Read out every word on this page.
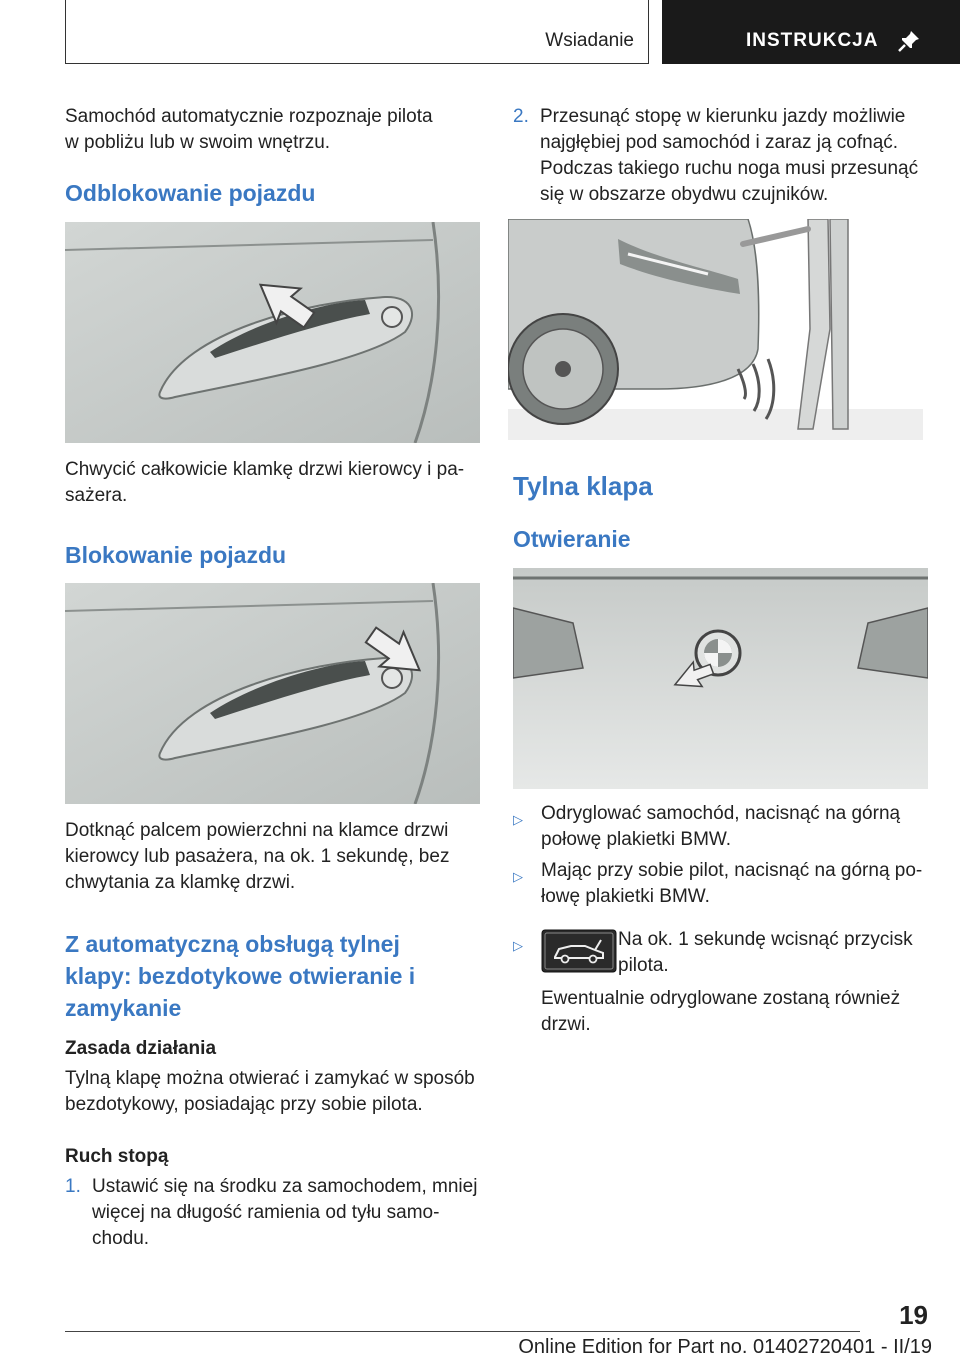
Wsiadanie	INSTRUKCJA
Samochód automatycznie rozpoznaje pilota
w pobliżu lub w swoim wnętrzu.
Odblokowanie pojazdu
Chwycić całkowicie klamkę drzwi kierowcy i pa-
sażera.
Blokowanie pojazdu
Dotknąć palcem powierzchni na klamce drzwi
kierowcy lub pasażera, na ok. 1 sekundę, bez
chwytania za klamkę drzwi.
Z automatyczną obsługą tylnej
klapy: bezdotykowe otwieranie i
zamykanie
Zasada działania
Tylną klapę można otwierać i zamykać w sposób
bezdotykowy, posiadając przy sobie pilota.
Ruch stopą
1. Ustawić się na środku za samochodem, mniej
więcej na długość ramienia od tyłu samo-
chodu.
2. Przesunąć stopę w kierunku jazdy możliwie
najgłębiej pod samochód i zaraz ją cofnąć.
Podczas takiego ruchu noga musi przesunąć
się w obszarze obydwu czujników.
Tylna klapa
Otwieranie
▷ Odryglować samochód, nacisnąć na górną
połowę plakietki BMW.
▷ Mając przy sobie pilot, nacisnąć na górną po-
łowę plakietki BMW.
▷	Na ok. 1 sekundę wcisnąć przycisk
pilota.
Ewentualnie odryglowane zostaną również
drzwi.
19
Online Edition for Part no. 01402720401 - II/19
